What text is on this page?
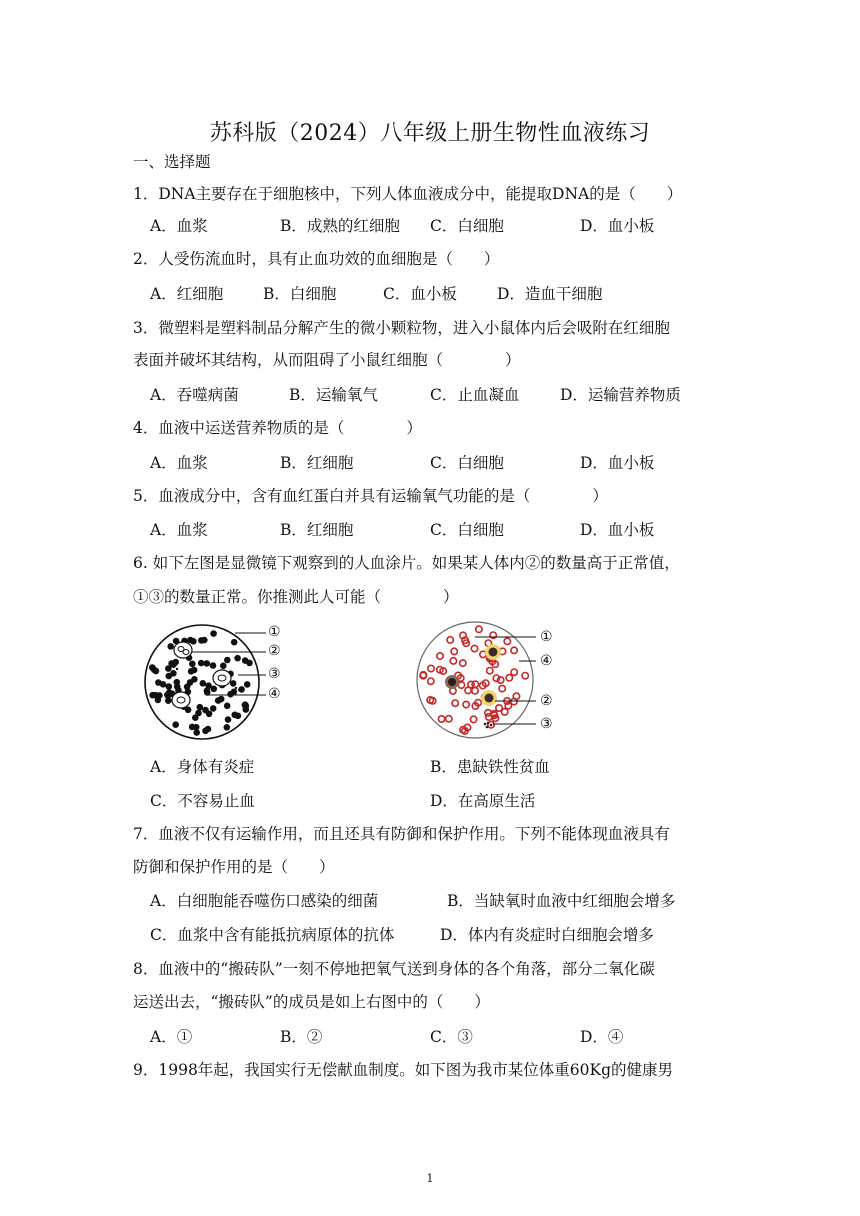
苏科版（2024）八年级上册生物性血液练习
一、选择题
1．DNA主要存在于细胞核中，下列人体血液成分中，能提取DNA的是（　　）
A．血浆	B．成熟的红细胞 C．白细胞	D．血小板
2．人受伤流血时，具有止血功效的血细胞是（　　）
A．红细胞	B．白细胞	C．血小板	D．造血干细胞
3．微塑料是塑料制品分解产生的微小颗粒物，进入小鼠体内后会吸附在红细胞
表面并破坏其结构，从而阻碍了小鼠红细胞（　　　　）
A．吞噬病菌	B．运输氧气	C．止血凝血	D．运输营养物质
4．血液中运送营养物质的是（　　　　）
A．血浆	B．红细胞	C．白细胞	D．血小板
5．血液成分中，含有血红蛋白并具有运输氧气功能的是（　　　　）
A．血浆	B．红细胞	C．白细胞	D．血小板
6. 如下左图是显微镜下观察到的人血涂片。如果某人体内②的数量高于正常值，
①③的数量正常。你推测此人可能（　　　　）
①
②
③
④
①
④
②
③
A．身体有炎症	B．患缺铁性贫血
C．不容易止血	D．在高原生活
7．血液不仅有运输作用，而且还具有防御和保护作用。下列不能体现血液具有
防御和保护作用的是（　　）
A．白细胞能吞噬伤口感染的细菌	B．当缺氧时血液中红细胞会增多
C．血浆中含有能抵抗病原体的抗体	D．体内有炎症时白细胞会增多
8．血液中的“搬砖队”一刻不停地把氧气送到身体的各个角落，部分二氧化碳
运送出去，“搬砖队”的成员是如上右图中的（　　）
A．①	B．②	C．③	D．④
9．1998年起，我国实行无偿献血制度。如下图为我市某位体重60Kg的健康男
1
